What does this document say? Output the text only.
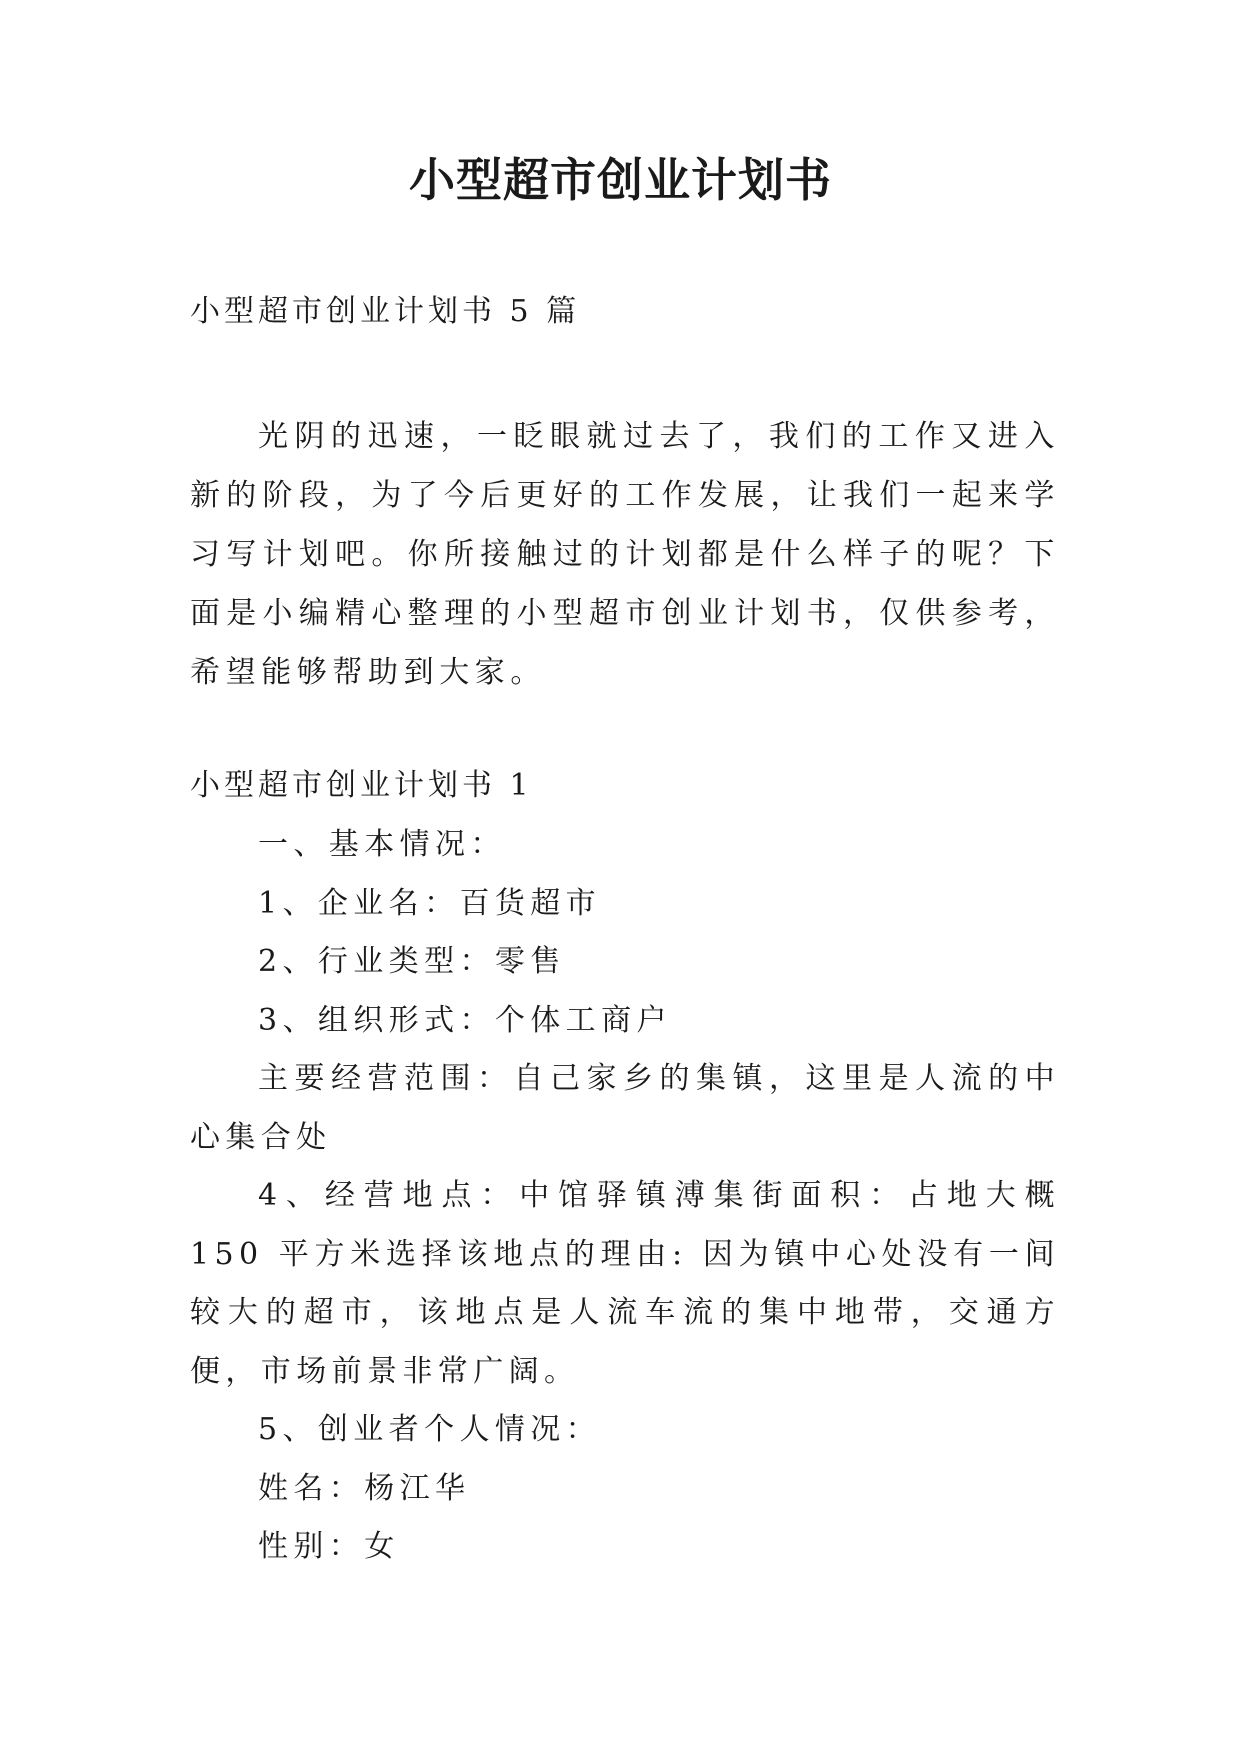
小型超市创业计划书

小型超市创业计划书 5 篇

光阴的迅速，一眨眼就过去了，我们的工作又进入新的阶段，为了今后更好的工作发展，让我们一起来学习写计划吧。你所接触过的计划都是什么样子的呢？下面是小编精心整理的小型超市创业计划书，仅供参考，希望能够帮助到大家。

小型超市创业计划书 1

一、基本情况：

1、企业名：百货超市

2、行业类型：零售

3、组织形式：个体工商户

主要经营范围：自己家乡的集镇，这里是人流的中心集合处

4、经营地点：中馆驿镇溥集街面积：占地大概 150 平方米选择该地点的理由: 因为镇中心处没有一间较大的超市，该地点是人流车流的集中地带，交通方便，市场前景非常广阔。

5、创业者个人情况：

姓名：杨江华

性别：女
